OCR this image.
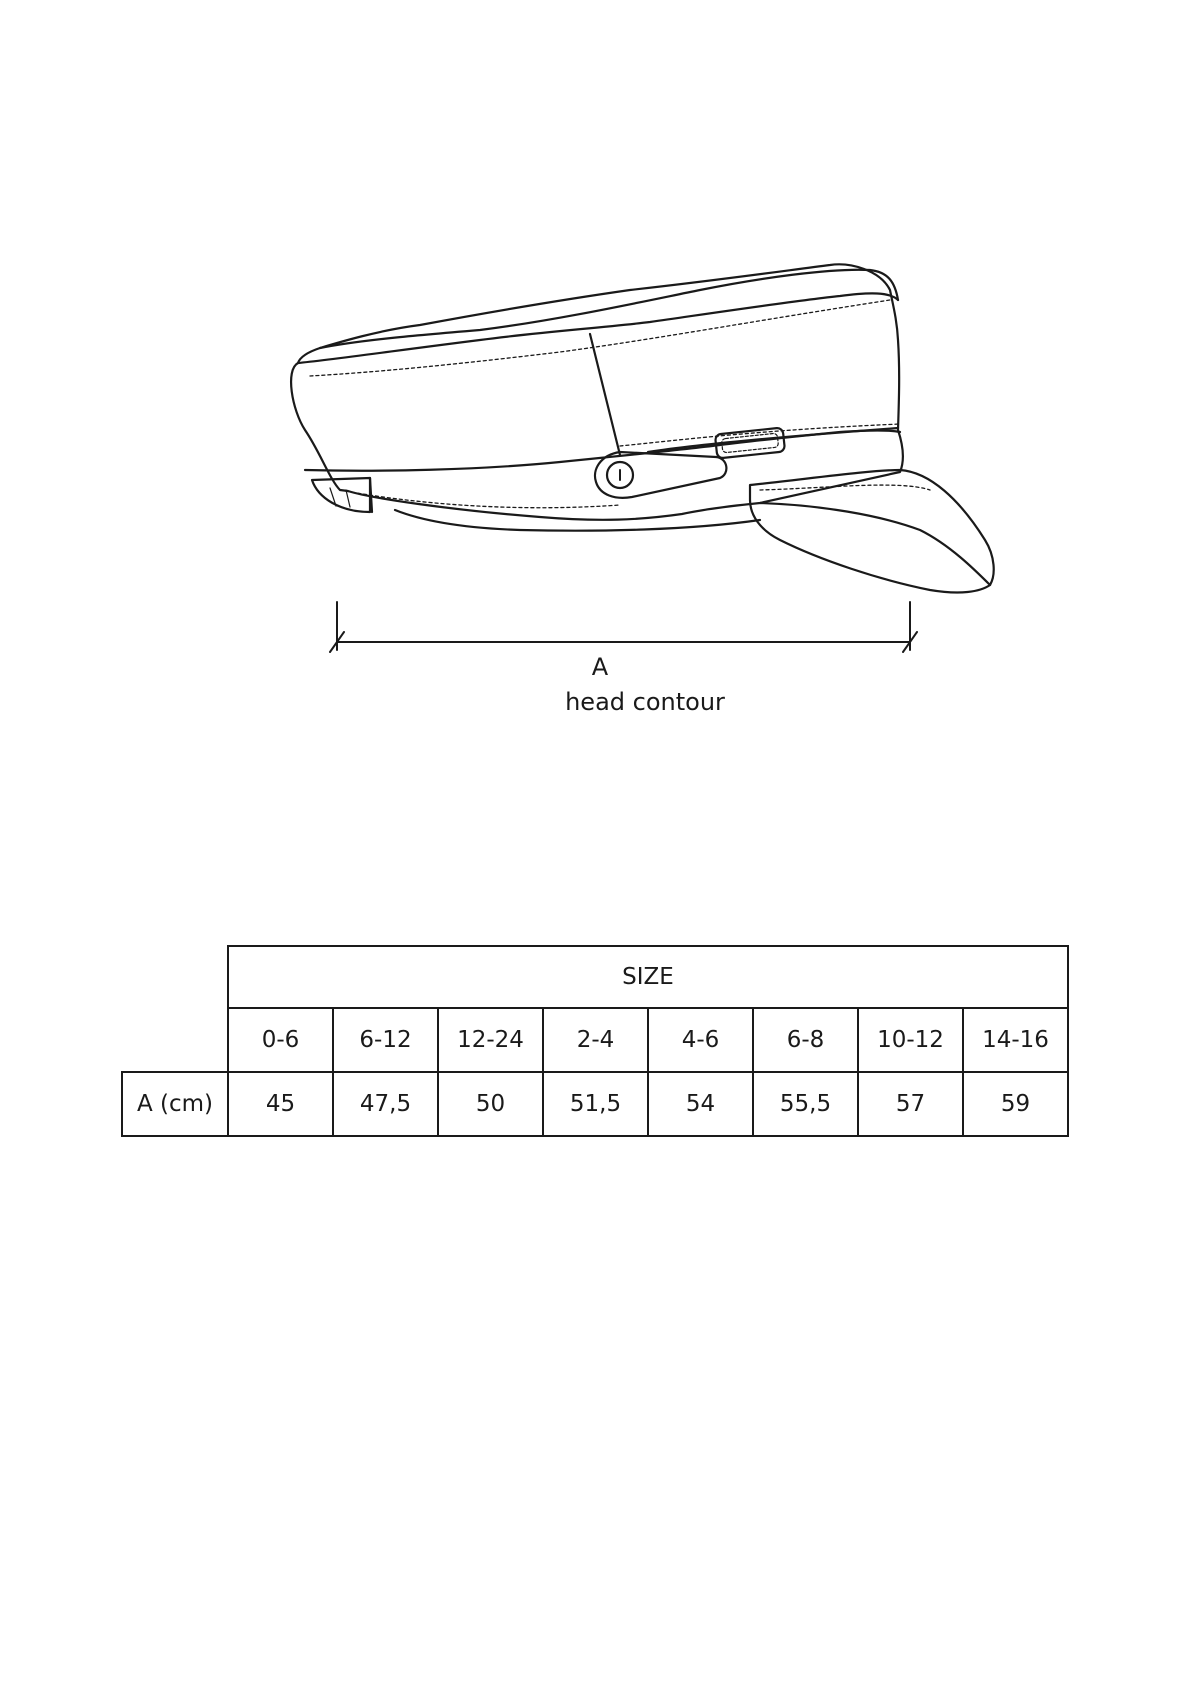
A
head contour
	SIZE							
	0-6	6-12	12-24	2-4	4-6	6-8	10-12	14-16
A (cm)	45	47,5	50	51,5	54	55,5	57	59
